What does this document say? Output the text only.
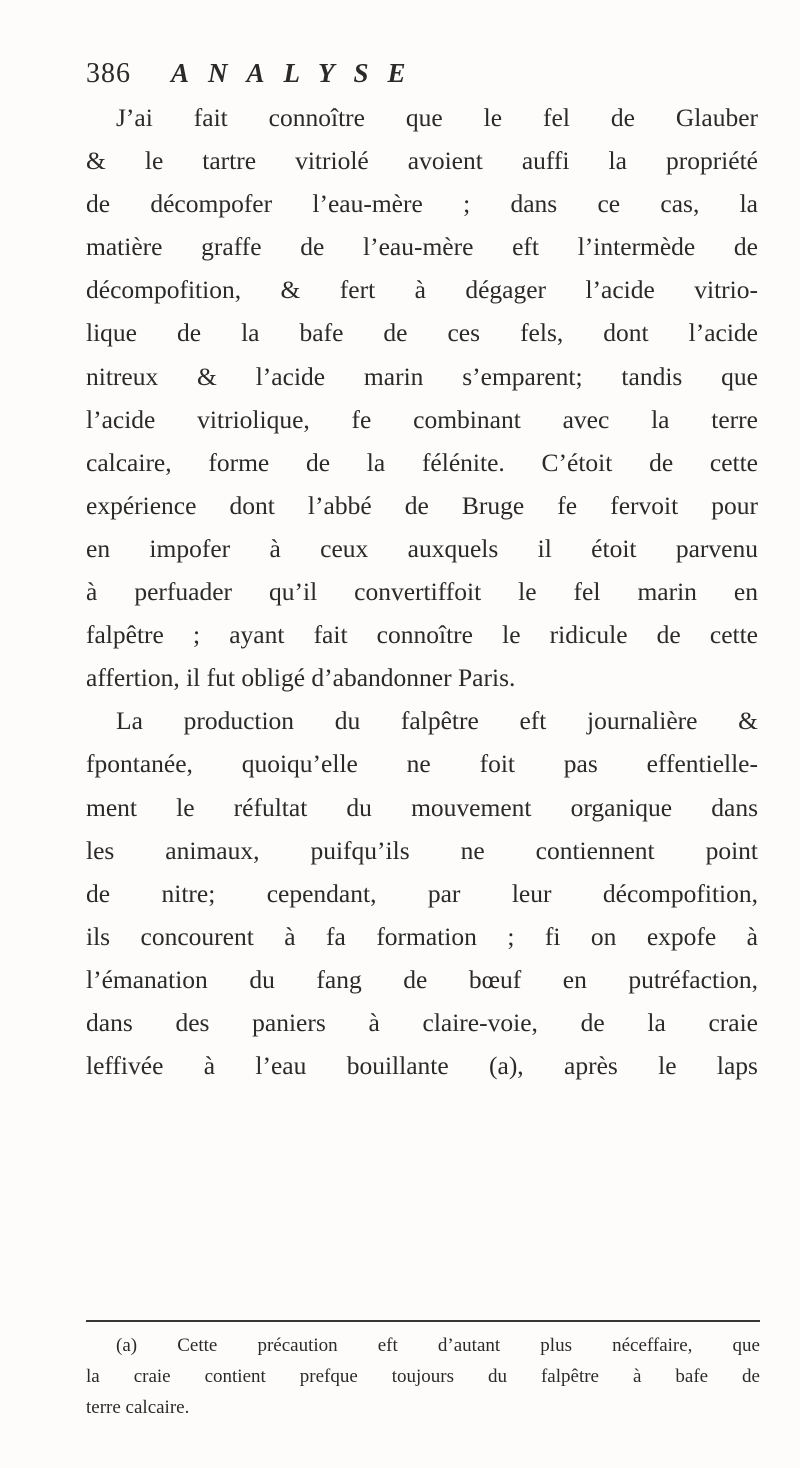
386 ANALYSE
J’ai fait connoître que le fel de Glauber
& le tartre vitriolé avoient auffi la propriété
de décompofer l’eau-mère ; dans ce cas, la
matière graffe de l’eau-mère eft l’intermède de
décompofition, & fert à dégager l’acide vitrio-
lique de la bafe de ces fels, dont l’acide
nitreux & l’acide marin s’emparent; tandis que
l’acide vitriolique, fe combinant avec la terre
calcaire, forme de la félénite. C’étoit de cette
expérience dont l’abbé de Bruge fe fervoit pour
en impofer à ceux auxquels il étoit parvenu
à perfuader qu’il convertiffoit le fel marin en
falpêtre ; ayant fait connoître le ridicule de cette
affertion, il fut obligé d’abandonner Paris.
La production du falpêtre eft journalière &
fpontanée, quoiqu’elle ne foit pas effentielle-
ment le réfultat du mouvement organique dans
les animaux, puifqu’ils ne contiennent point
de nitre; cependant, par leur décompofition,
ils concourent à fa formation ; fi on expofe à
l’émanation du fang de bœuf en putréfaction,
dans des paniers à claire-voie, de la craie
leffivée à l’eau bouillante (a), après le laps
(a) Cette précaution eft d’autant plus néceffaire, que
la craie contient prefque toujours du falpêtre à bafe de
terre calcaire.
